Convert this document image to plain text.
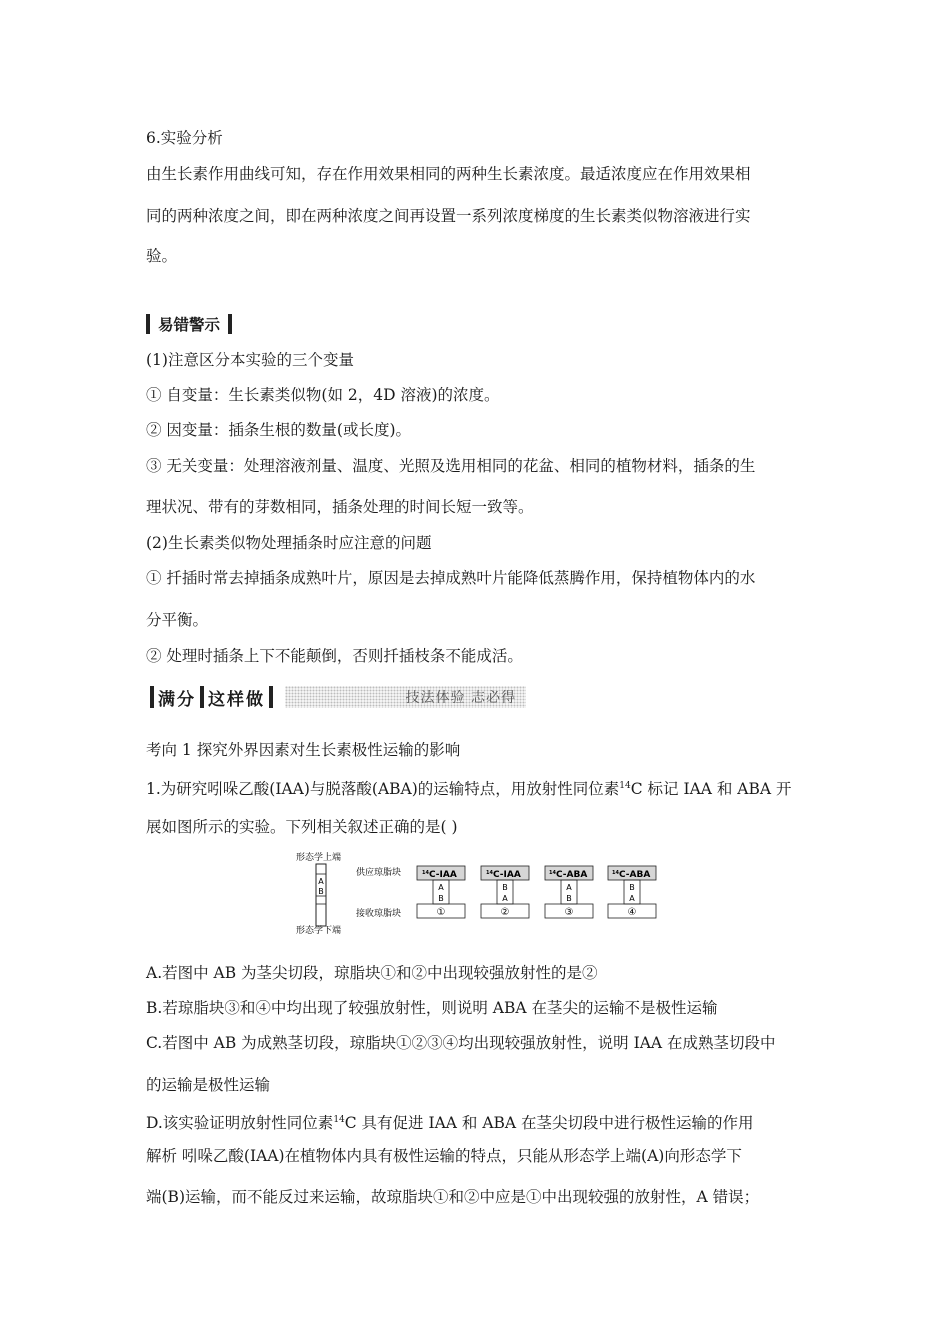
6.实验分析
由生长素作用曲线可知，存在作用效果相同的两种生长素浓度。最适浓度应在作用效果相
同的两种浓度之间，即在两种浓度之间再设置一系列浓度梯度的生长素类似物溶液进行实
验。
易错警示
(1)注意区分本实验的三个变量
① 自变量：生长素类似物(如 2，4D 溶液)的浓度。
② 因变量：插条生根的数量(或长度)。
③ 无关变量：处理溶液剂量、温度、光照及选用相同的花盆、相同的植物材料，插条的生
理状况、带有的芽数相同，插条处理的时间长短一致等。
(2)生长素类似物处理插条时应注意的问题
① 扦插时常去掉插条成熟叶片，原因是去掉成熟叶片能降低蒸腾作用，保持植物体内的水
分平衡。
② 处理时插条上下不能颠倒，否则扦插枝条不能成活。
满分 这样做	技法体验 志必得
考向 1 探究外界因素对生长素极性运输的影响
1.为研究吲哚乙酸(IAA)与脱落酸(ABA)的运输特点，用放射性同位素$^{14}$C 标记 IAA 和 ABA 开
展如图所示的实验。下列相关叙述正确的是( )
形态学上端
形态学下端
A
B
供应琼脂块
接收琼脂块
$^{14}$C-IAA
A
B
①
$^{14}$C-IAA
B
A
②
$^{14}$C-ABA
A
B
③
$^{14}$C-ABA
B
A
④
A.若图中 AB 为茎尖切段，琼脂块①和②中出现较强放射性的是②
B.若琼脂块③和④中均出现了较强放射性，则说明 ABA 在茎尖的运输不是极性运输
C.若图中 AB 为成熟茎切段，琼脂块①②③④均出现较强放射性，说明 IAA 在成熟茎切段中
的运输是极性运输
D.该实验证明放射性同位素$^{14}$C 具有促进 IAA 和 ABA 在茎尖切段中进行极性运输的作用
解析 吲哚乙酸(IAA)在植物体内具有极性运输的特点，只能从形态学上端(A)向形态学下
端(B)运输，而不能反过来运输，故琼脂块①和②中应是①中出现较强的放射性，A 错误；
